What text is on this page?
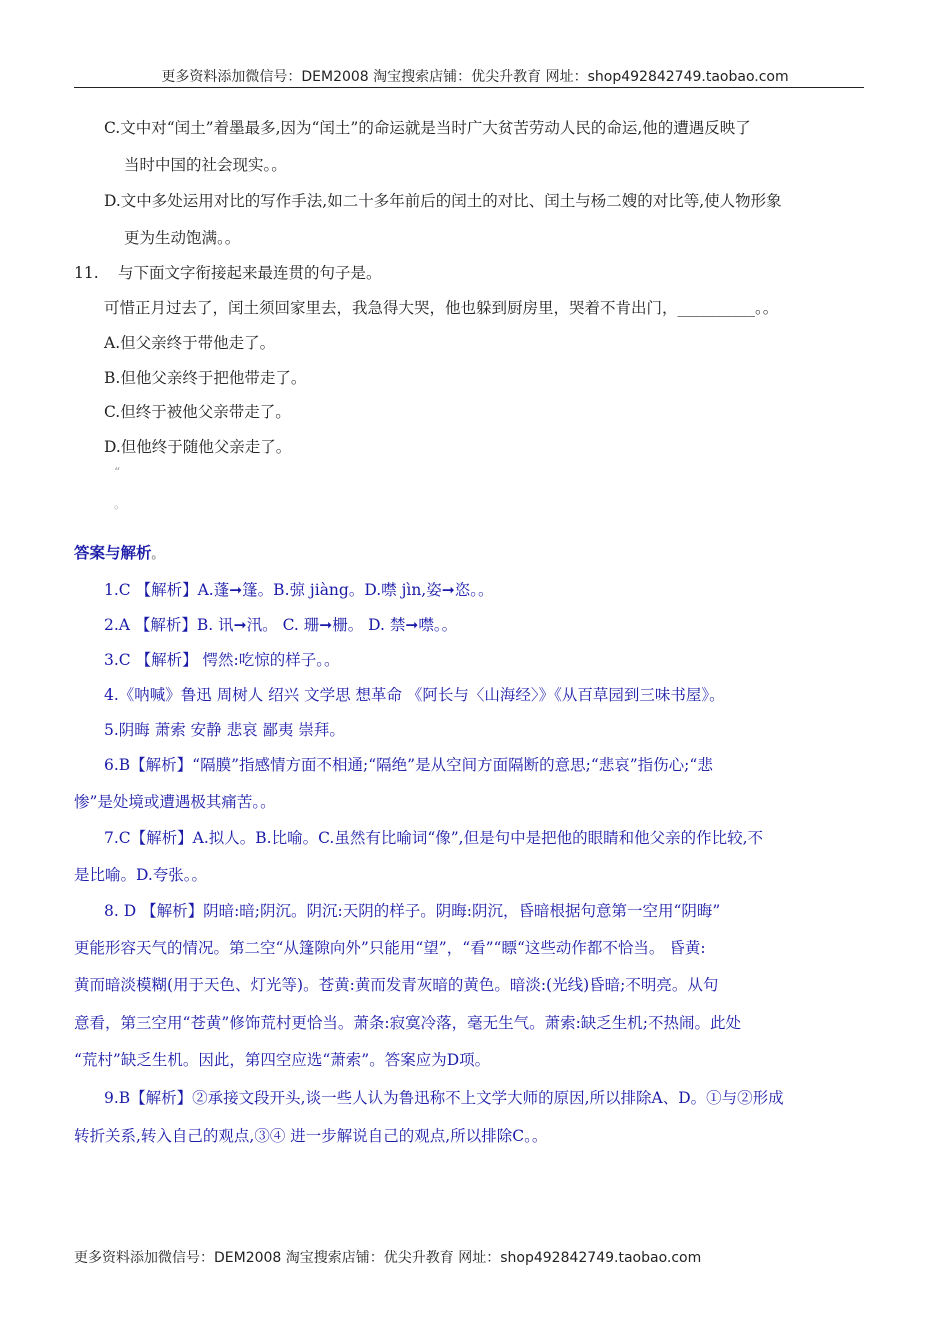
更多资料添加微信号：DEM2008 淘宝搜索店铺：优尖升教育 网址：shop492842749.taobao.com
C.文中对“闰土”着墨最多,因为“闰土”的命运就是当时广大贫苦劳动人民的命运,他的遭遇反映了
当时中国的社会现实。。
D.文中多处运用对比的写作手法,如二十多年前后的闰土的对比、闰土与杨二嫂的对比等,使人物形象
更为生动饱满。。
11. 与下面文字衔接起来最连贯的句子是。
可惜正月过去了，闰土须回家里去，我急得大哭，他也躲到厨房里，哭着不肯出门，__________。。
A.但父亲终于带他走了。
B.但他父亲终于把他带走了。
C.但终于被他父亲带走了。
D.但他终于随他父亲走了。
“
。
答案与解析。
1.C 【解析】A.蓬➞篷。B.弶 jiàng。D.噤 jìn,姿➞恣。。
2.A 【解析】B. 讯➞汛。 C. 珊➞栅。 D. 禁➞噤。。
3.C 【解析】 愕然:吃惊的样子。。
4.《呐喊》鲁迅 周树人 绍兴 文学思 想革命 《阿长与〈山海经〉》《从百草园到三味书屋》。
5.阴晦 萧索 安静 悲哀 鄙夷 崇拜。
6.B【解析】“隔膜”指感情方面不相通;“隔绝”是从空间方面隔断的意思;“悲哀”指伤心;“悲
惨”是处境或遭遇极其痛苦。。
7.C【解析】A.拟人。B.比喻。C.虽然有比喻词“像”,但是句中是把他的眼睛和他父亲的作比较,不
是比喻。D.夸张。。
8. D 【解析】阴暗:暗;阴沉。阴沉:天阴的样子。阴晦:阴沉，昏暗根据句意第一空用“阴晦”
更能形容天气的情况。第二空“从篷隙向外”只能用“望”，“看”“瞟“这些动作都不恰当。 昏黄:
黄而暗淡模糊(用于天色、灯光等)。苍黄:黄而发青灰暗的黄色。暗淡:(光线)昏暗;不明亮。从句
意看，第三空用“苍黄”修饰荒村更恰当。萧条:寂寞冷落，毫无生气。萧索:缺乏生机;不热闹。此处
“荒村”缺乏生机。因此，第四空应选“萧索”。答案应为D项。
9.B【解析】②承接文段开头,谈一些人认为鲁迅称不上文学大师的原因,所以排除A、D。①与②形成
转折关系,转入自己的观点,③④ 进一步解说自己的观点,所以排除C。。
更多资料添加微信号：DEM2008 淘宝搜索店铺：优尖升教育 网址：shop492842749.taobao.com
